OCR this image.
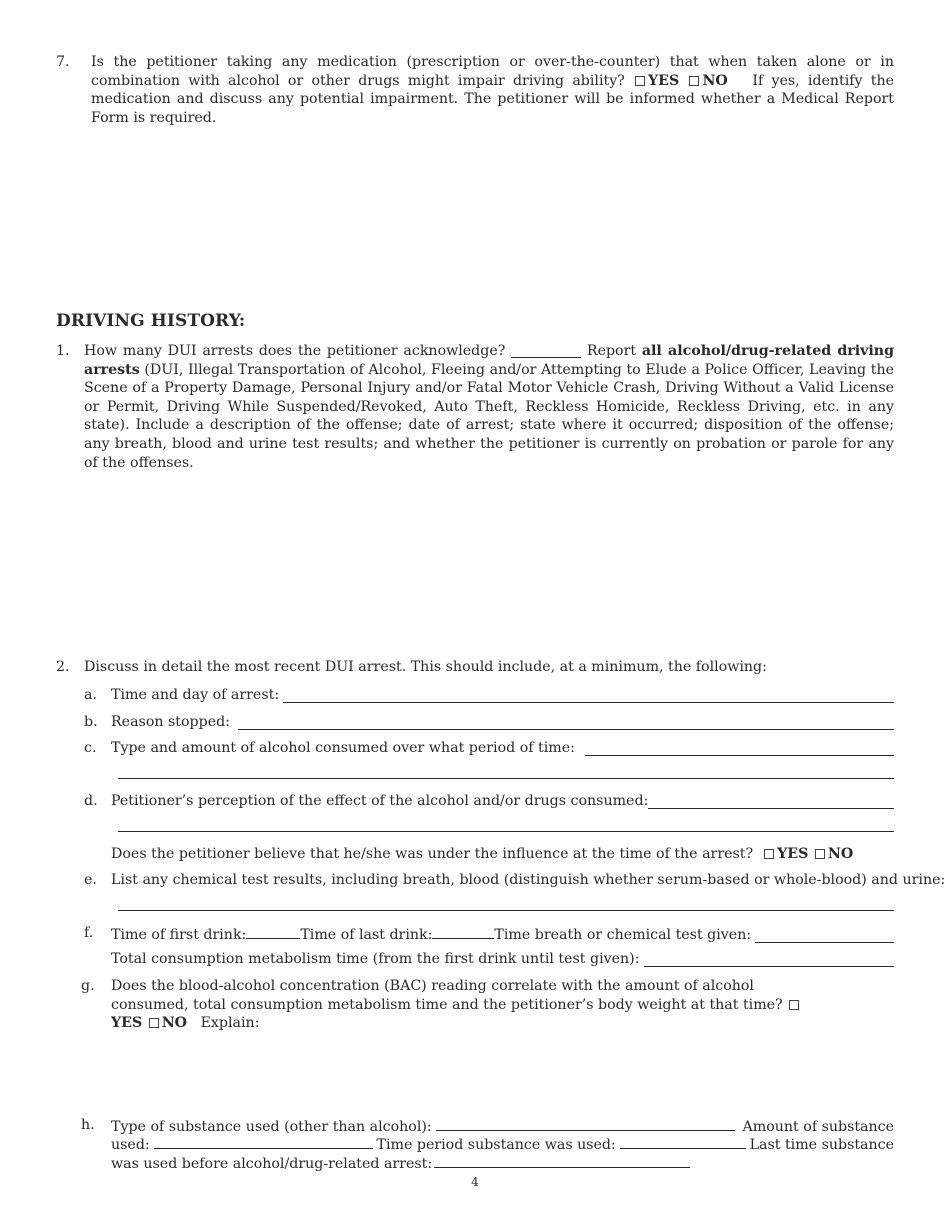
7. Is the petitioner taking any medication (prescription or over-the-counter) that when taken alone or in combination with alcohol or other drugs might impair driving ability? YES NO If yes, identify the medication and discuss any potential impairment. The petitioner will be informed whether a Medical Report Form is required.
DRIVING HISTORY:
1. How many DUI arrests does the petitioner acknowledge?	Report all alcohol/drug-related driving arrests (DUI, Illegal Transportation of Alcohol, Fleeing and/or Attempting to Elude a Police Officer, Leaving the Scene of a Property Damage, Personal Injury and/or Fatal Motor Vehicle Crash, Driving Without a Valid License or Permit, Driving While Suspended/Revoked, Auto Theft, Reckless Homicide, Reckless Driving, etc. in any state). Include a description of the offense; date of arrest; state where it occurred; disposition of the offense; any breath, blood and urine test results; and whether the petitioner is currently on probation or parole for any of the offenses.
2. Discuss in detail the most recent DUI arrest. This should include, at a minimum, the following:
a. Time and day of arrest:
b. Reason stopped:
c. Type and amount of alcohol consumed over what period of time:
d. Petitioner’s perception of the effect of the alcohol and/or drugs consumed:
Does the petitioner believe that he/she was under the influence at the time of the arrest? YES NO
e. List any chemical test results, including breath, blood (distinguish whether serum-based or whole-blood) and urine:
f. Time of first drink:	Time of last drink:	Time breath or chemical test given:
Total consumption metabolism time (from the first drink until test given):
g. Does the blood-alcohol concentration (BAC) reading correlate with the amount of alcohol consumed, total consumption metabolism time and the petitioner’s body weight at that time? YES NO Explain:
h. Type of substance used (other than alcohol):	Amount of substance
used:	Time period substance was used:	Last time substance
was used before alcohol/drug-related arrest:
4
